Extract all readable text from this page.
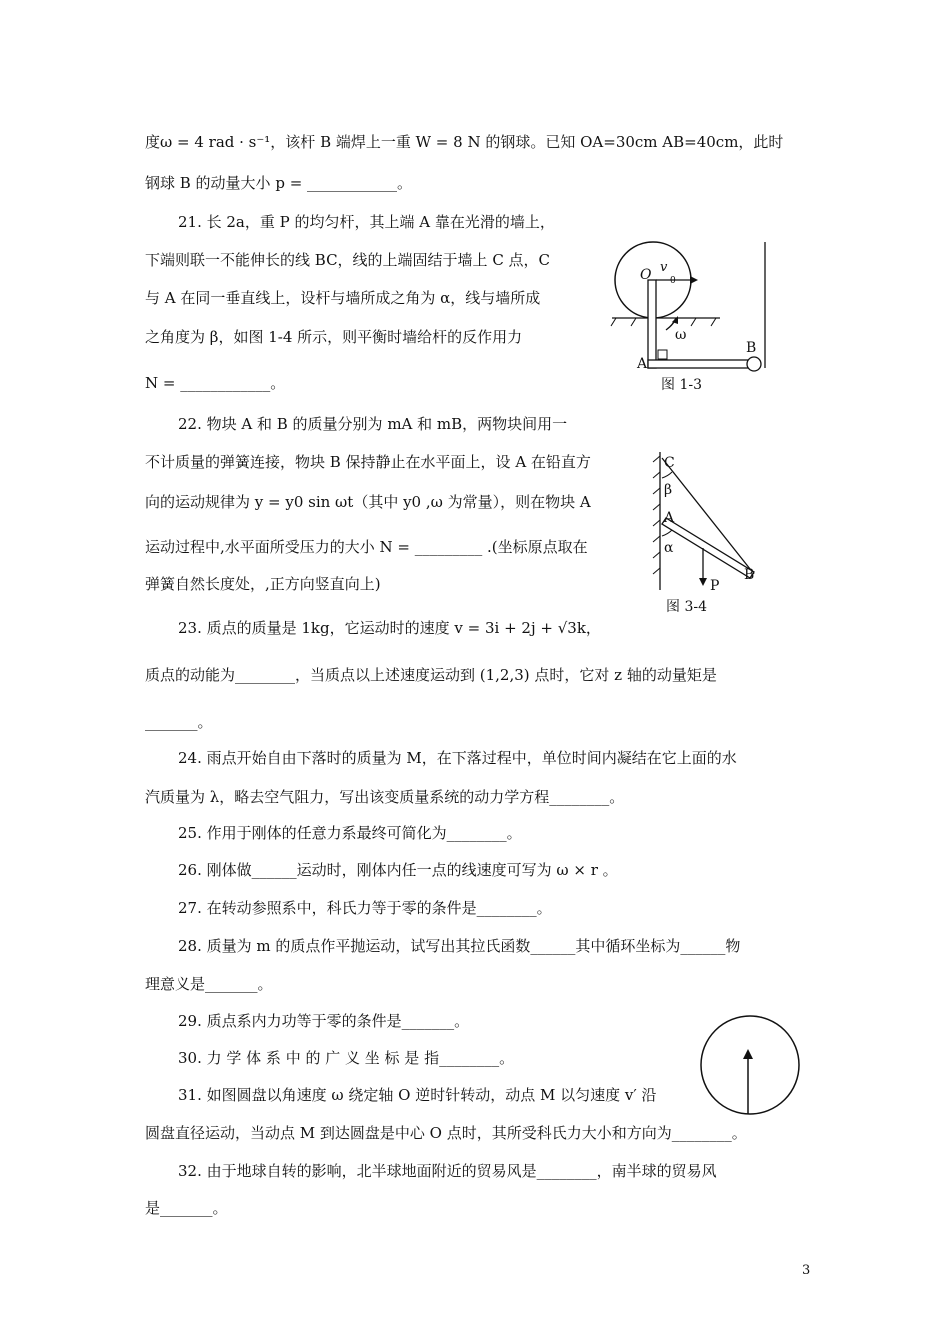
度ω = 4 rad · s⁻¹，该杆 B 端焊上一重 W = 8 N 的钢球。已知 OA=30cm AB=40cm，此时
钢球 B 的动量大小 p = ____________。
21. 长 2a，重 P 的均匀杆，其上端 A 靠在光滑的墙上，
下端则联一不能伸长的线 BC，线的上端固结于墙上 C 点，C
与 A 在同一垂直线上，设杆与墙所成之角为 α，线与墙所成
之角度为 β，如图 1-4 所示，则平衡时墙给杆的反作用力
N = ____________。
22. 物块 A 和 B 的质量分别为 mA 和 mB，两物块间用一
不计质量的弹簧连接，物块 B 保持静止在水平面上，设 A 在铅直方
向的运动规律为 y = y0 sin ωt（其中 y0 ,ω 为常量），则在物块 A
运动过程中,水平面所受压力的大小 N = _________ .(坐标原点取在
弹簧自然长度处，,正方向竖直向上)
23. 质点的质量是 1kg，它运动时的速度 v = 3i + 2j + √3k，
质点的动能为________，当质点以上述速度运动到 (1,2,3) 点时，它对 z 轴的动量矩是
_______。
24. 雨点开始自由下落时的质量为 M，在下落过程中，单位时间内凝结在它上面的水
汽质量为 λ，略去空气阻力，写出该变质量系统的动力学方程________。
25. 作用于刚体的任意力系最终可简化为________。
26. 刚体做______运动时，刚体内任一点的线速度可写为 ω × r 。
27. 在转动参照系中，科氏力等于零的条件是________。
28. 质量为 m 的质点作平抛运动，试写出其拉氏函数______其中循环坐标为______物
理意义是_______。
29. 质点系内力功等于零的条件是_______。
30. 力 学 体 系 中 的 广 义 坐 标 是 指________。
31. 如图圆盘以角速度 ω 绕定轴 O 逆时针转动，动点 M 以匀速度 v′ 沿
圆盘直径运动，当动点 M 到达圆盘是中心 O 点时，其所受科氏力大小和方向为________。
32. 由于地球自转的影响，北半球地面附近的贸易风是________，南半球的贸易风
是_______。
O v
0
ω
A
B
图 1-3
C
β
A
α
P
B
图 3-4
3
